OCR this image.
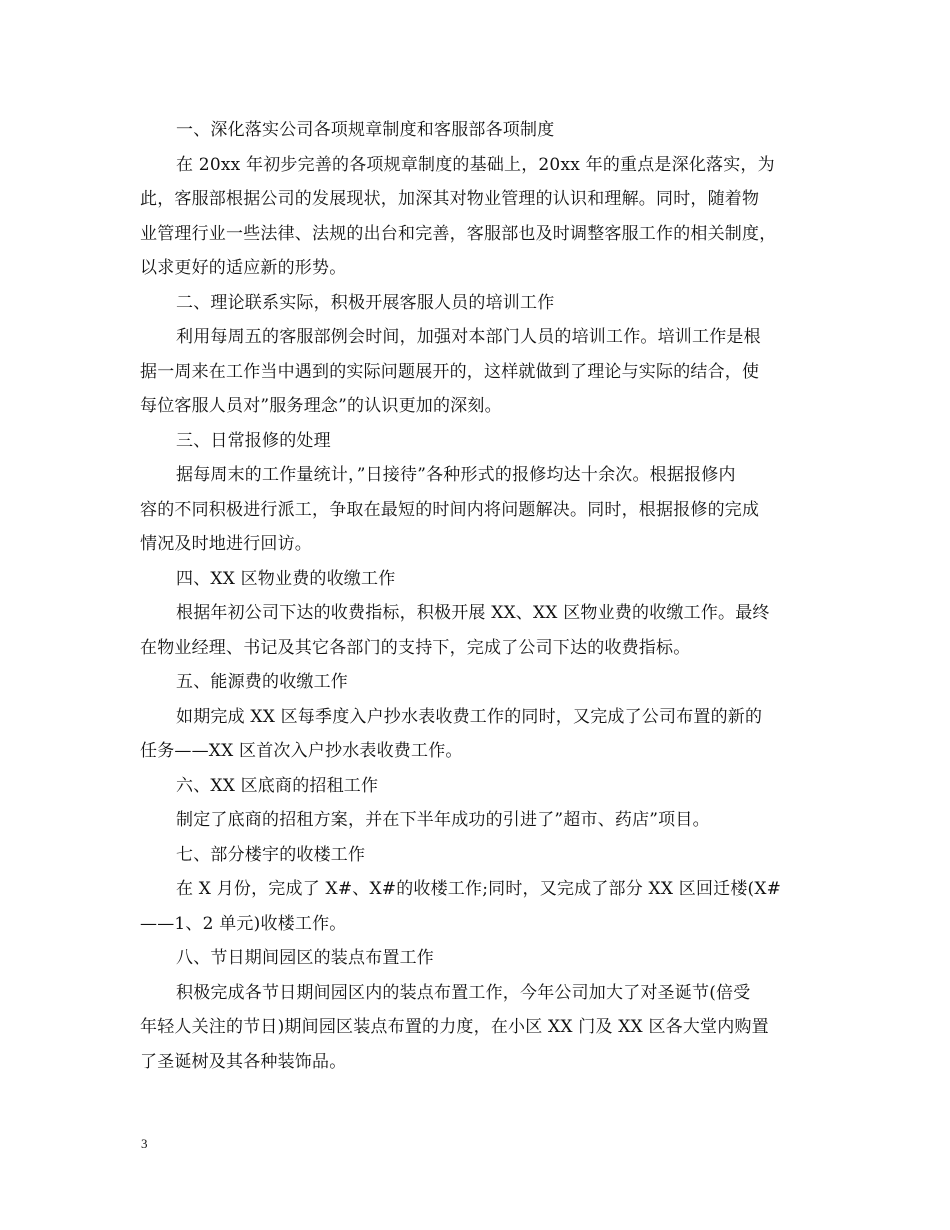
一、深化落实公司各项规章制度和客服部各项制度
在 20xx 年初步完善的各项规章制度的基础上，20xx 年的重点是深化落实，为
此，客服部根据公司的发展现状，加深其对物业管理的认识和理解。同时，随着物
业管理行业一些法律、法规的出台和完善，客服部也及时调整客服工作的相关制度，
以求更好的适应新的形势。
二、理论联系实际，积极开展客服人员的培训工作
利用每周五的客服部例会时间，加强对本部门人员的培训工作。培训工作是根
据一周来在工作当中遇到的实际问题展开的，这样就做到了理论与实际的结合，使
每位客服人员对”服务理念”的认识更加的深刻。
三、日常报修的处理
据每周末的工作量统计，”日接待”各种形式的报修均达十余次。根据报修内
容的不同积极进行派工，争取在最短的时间内将问题解决。同时，根据报修的完成
情况及时地进行回访。
四、XX 区物业费的收缴工作
根据年初公司下达的收费指标，积极开展 XX、XX 区物业费的收缴工作。最终
在物业经理、书记及其它各部门的支持下，完成了公司下达的收费指标。
五、能源费的收缴工作
如期完成 XX 区每季度入户抄水表收费工作的同时，又完成了公司布置的新的
任务——XX 区首次入户抄水表收费工作。
六、XX 区底商的招租工作
制定了底商的招租方案，并在下半年成功的引进了”超市、药店”项目。
七、部分楼宇的收楼工作
在 X 月份，完成了 X#、X#的收楼工作;同时，又完成了部分 XX 区回迁楼(X#
——1、2 单元)收楼工作。
八、节日期间园区的装点布置工作
积极完成各节日期间园区内的装点布置工作，今年公司加大了对圣诞节(倍受
年轻人关注的节日)期间园区装点布置的力度，在小区 XX 门及 XX 区各大堂内购置
了圣诞树及其各种装饰品。
3
